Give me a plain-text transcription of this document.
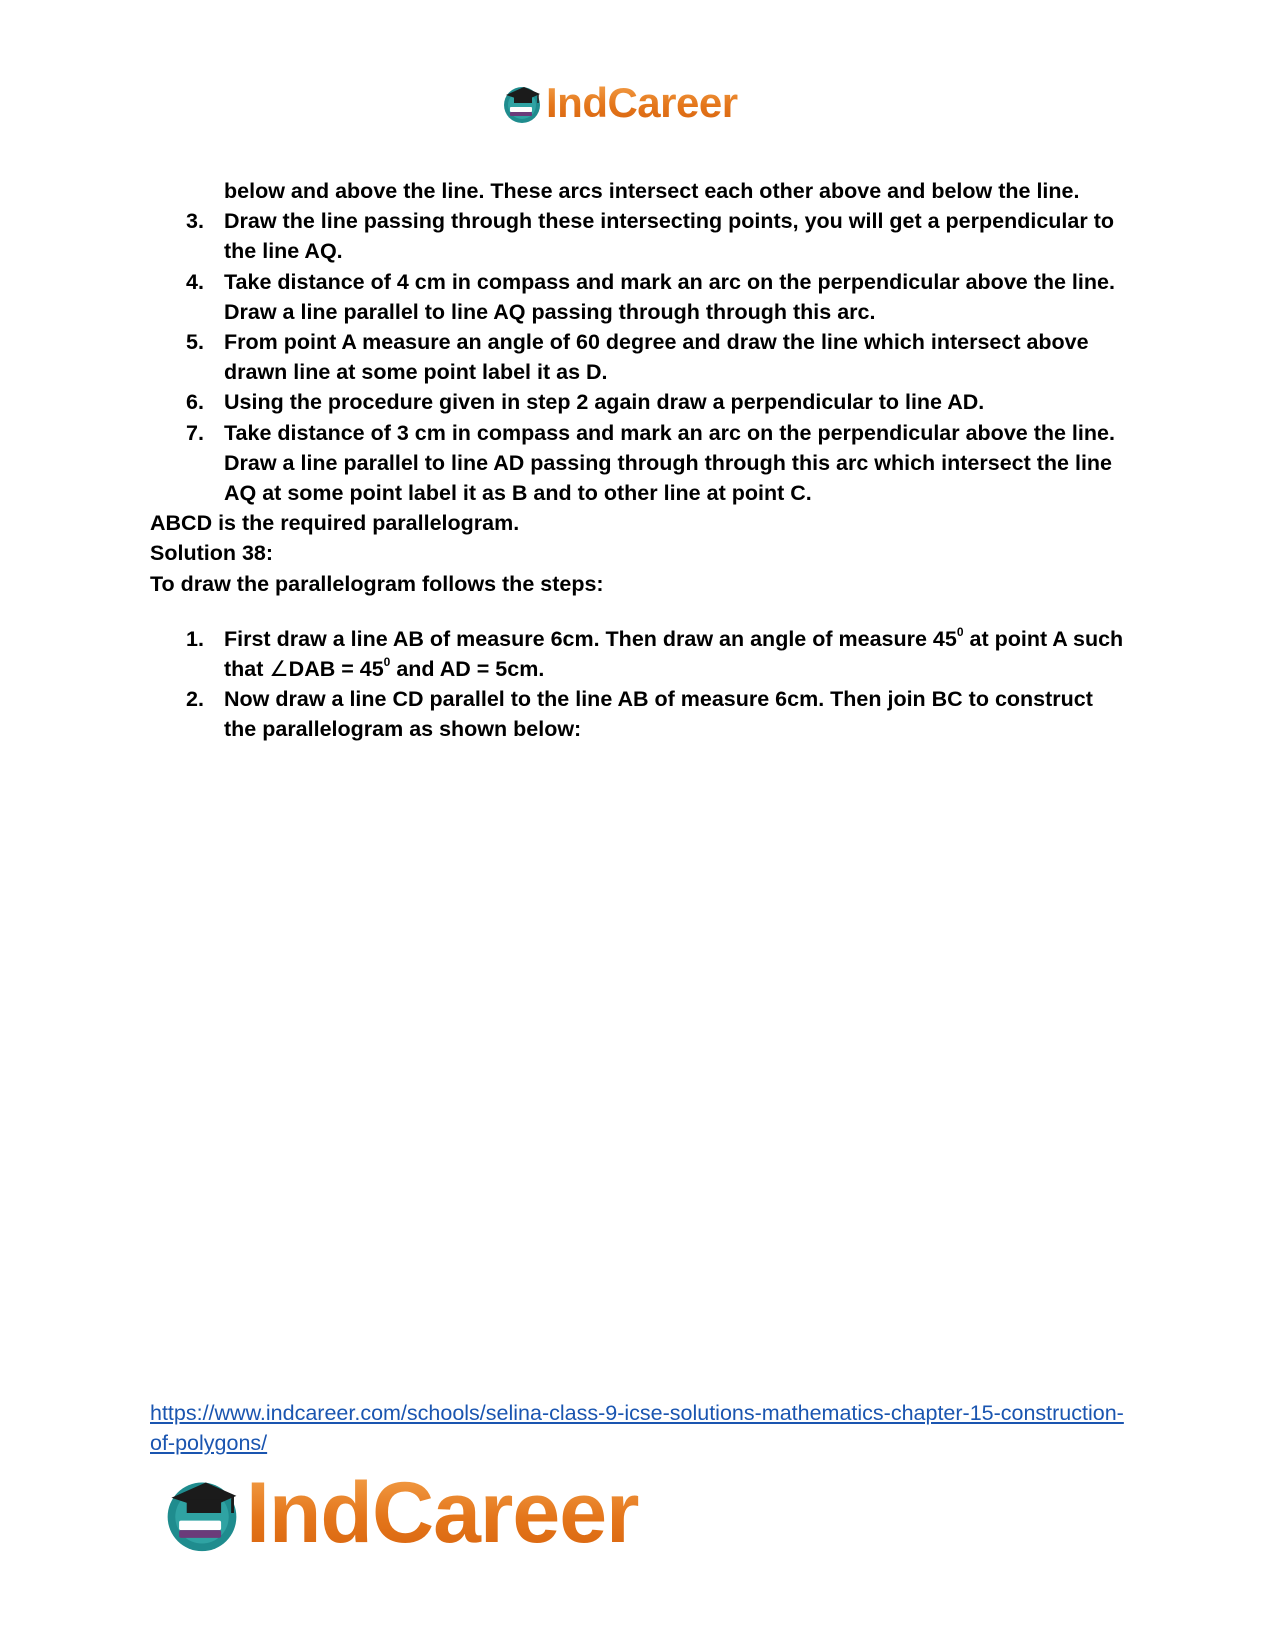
IndCareer
below and above the line. These arcs intersect each other above and below the line.
3. Draw the line passing through these intersecting points, you will get a perpendicular to the line AQ.
4. Take distance of 4 cm in compass and mark an arc on the perpendicular above the line. Draw a line parallel to line AQ passing through through this arc.
5. From point A measure an angle of 60 degree and draw the line which intersect above drawn line at some point label it as D.
6. Using the procedure given in step 2 again draw a perpendicular to line AD.
7. Take distance of 3 cm in compass and mark an arc on the perpendicular above the line. Draw a line parallel to line AD passing through through this arc which intersect the line AQ at some point label it as B and to other line at point C.

ABCD is the required parallelogram.

Solution 38:

To draw the parallelogram follows the steps:

1. First draw a line AB of measure 6cm. Then draw an angle of measure $45^0$ at point A such that ∠DAB = $45^0$ and AD = 5cm.
2. Now draw a line CD parallel to the line AB of measure 6cm. Then join BC to construct the parallelogram as shown below:
https://www.indcareer.com/schools/selina-class-9-icse-solutions-mathematics-chapter-15-construction-of-polygons/
IndCareer
